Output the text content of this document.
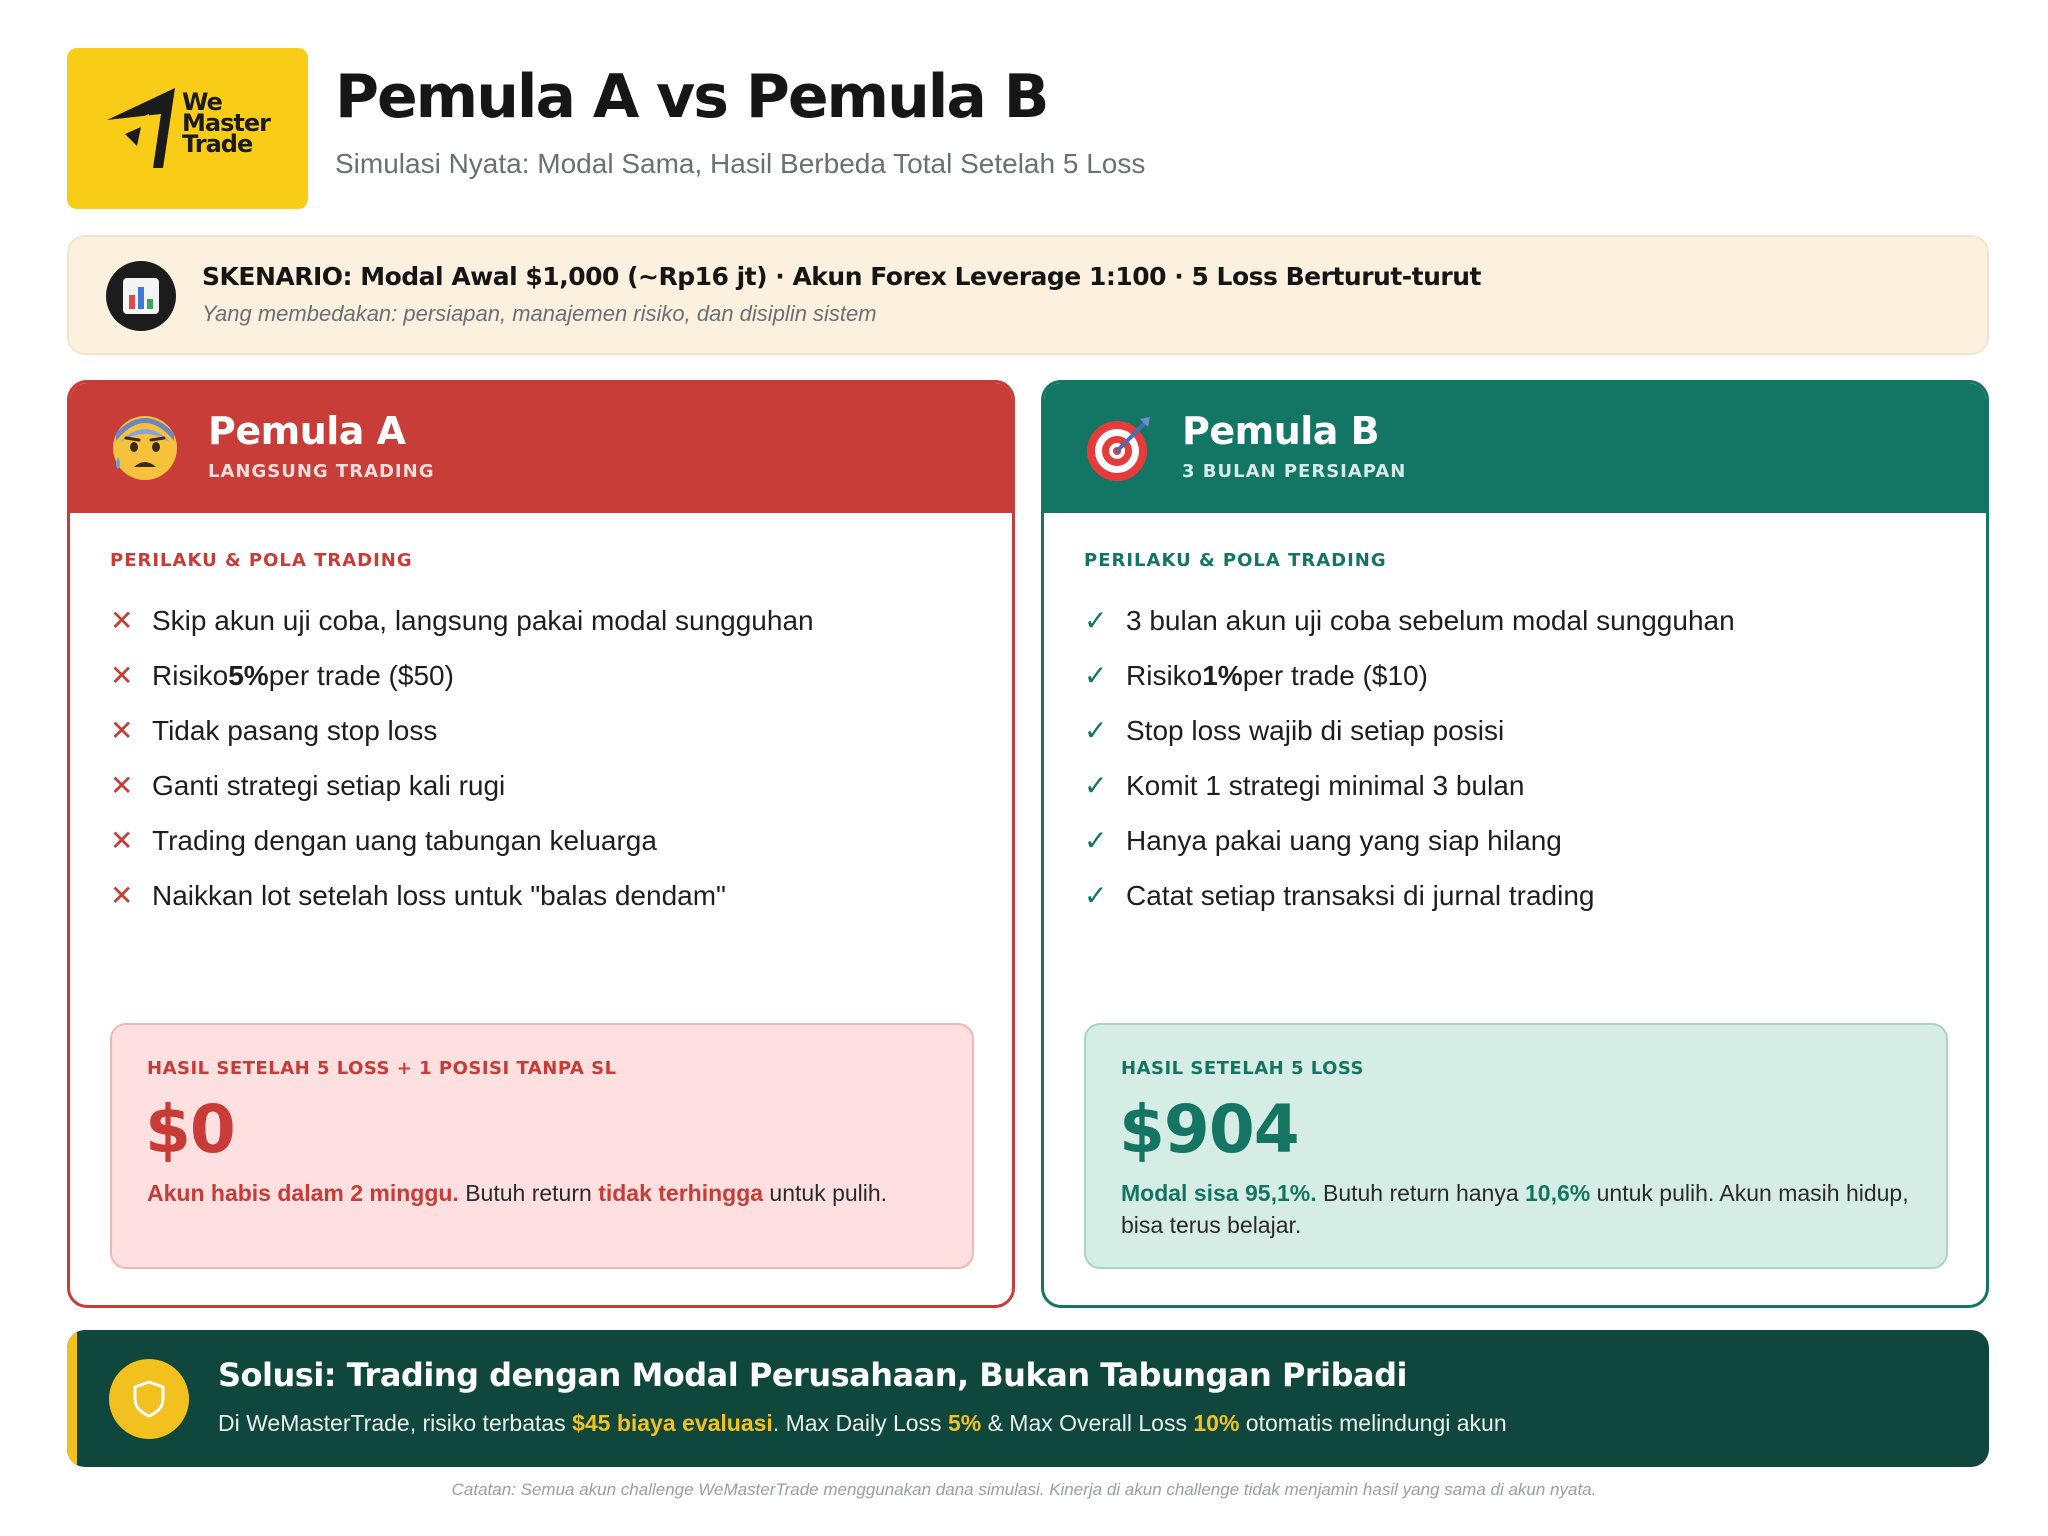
We
Master
Trade
Pemula A vs Pemula B
Simulasi Nyata: Modal Sama, Hasil Berbeda Total Setelah 5 Loss
SKENARIO: Modal Awal $1,000 (~Rp16 jt) · Akun Forex Leverage 1:100 · 5 Loss Berturut-turut
Yang membedakan: persiapan, manajemen risiko, dan disiplin sistem
Pemula A
LANGSUNG TRADING
PERILAKU & POLA TRADING
✕ Skip akun uji coba, langsung pakai modal sungguhan
✕ Risiko 5% per trade ($50)
✕ Tidak pasang stop loss
✕ Ganti strategi setiap kali rugi
✕ Trading dengan uang tabungan keluarga
✕ Naikkan lot setelah loss untuk "balas dendam"
HASIL SETELAH 5 LOSS + 1 POSISI TANPA SL
$0
Akun habis dalam 2 minggu. Butuh return tidak terhingga untuk pulih.
Pemula B
3 BULAN PERSIAPAN
PERILAKU & POLA TRADING
✓ 3 bulan akun uji coba sebelum modal sungguhan
✓ Risiko 1% per trade ($10)
✓ Stop loss wajib di setiap posisi
✓ Komit 1 strategi minimal 3 bulan
✓ Hanya pakai uang yang siap hilang
✓ Catat setiap transaksi di jurnal trading
HASIL SETELAH 5 LOSS
$904
Modal sisa 95,1%. Butuh return hanya 10,6% untuk pulih. Akun masih hidup, bisa terus belajar.
Solusi: Trading dengan Modal Perusahaan, Bukan Tabungan Pribadi
Di WeMasterTrade, risiko terbatas $45 biaya evaluasi. Max Daily Loss 5% & Max Overall Loss 10% otomatis melindungi akun
Catatan: Semua akun challenge WeMasterTrade menggunakan dana simulasi. Kinerja di akun challenge tidak menjamin hasil yang sama di akun nyata.
